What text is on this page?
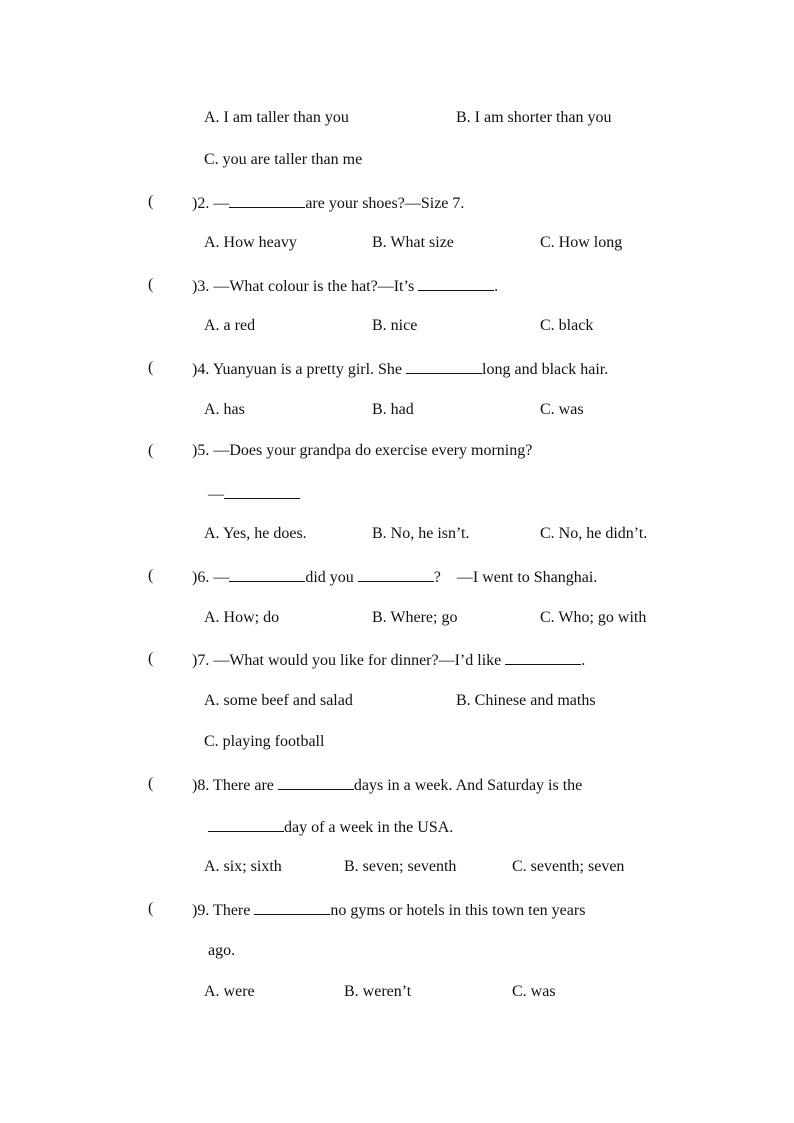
A. I am taller than you	B. I am shorter than you
C. you are taller than me
( )2. —	are your shoes?—Size 7.
A. How heavy	B. What size	C. How long
( )3. —What colour is the hat?—It’s	.
A. a red	B. nice	C. black
( )4. Yuanyuan is a pretty girl. She	long and black hair.
A. has	B. had	C. was
( )5. —Does your grandpa do exercise every morning?
—
A. Yes, he does.	B. No, he isn’t.	C. No, he didn’t.
( )6. —	did you	?    —I went to Shanghai.
A. How; do	B. Where; go	C. Who; go with
( )7. —What would you like for dinner?—I’d like	.
A. some beef and salad	B. Chinese and maths
C. playing football
( )8. There are	days in a week. And Saturday is the
day of a week in the USA.
A. six; sixth	B. seven; seventh	C. seventh; seven
( )9. There	no gyms or hotels in this town ten years
ago.
A. were	B. weren’t	C. was
